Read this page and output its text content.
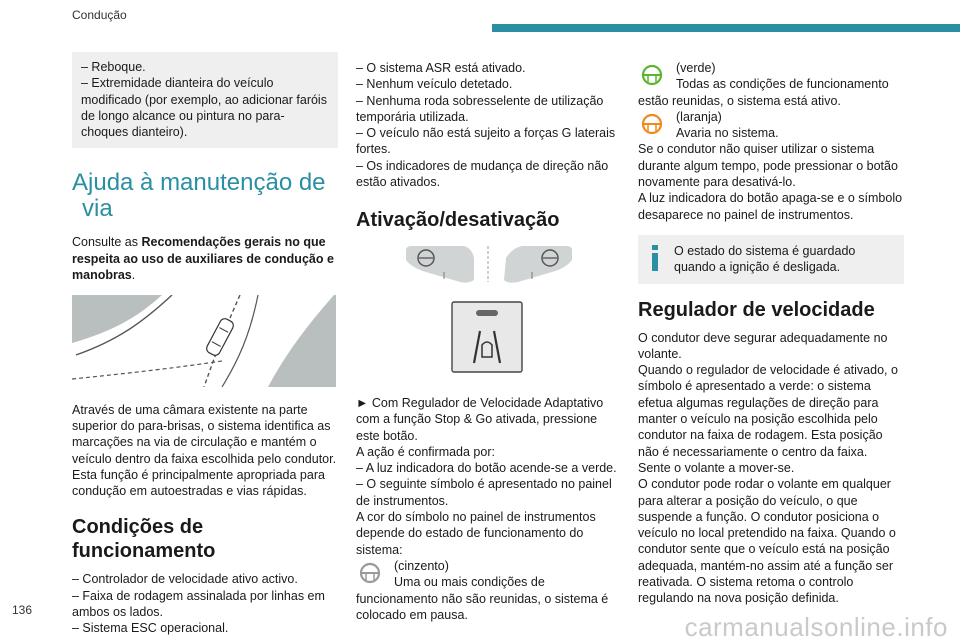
Condução

– Reboque.

– Extremidade dianteira do veículo modificado (por exemplo, ao adicionar faróis de longo alcance ou pintura no para-choques dianteiro).

Ajuda à manutenção de
via

Consulte as Recomendações gerais no que respeita ao uso de auxiliares de condução e manobras.

Através de uma câmara existente na parte superior do para-brisas, o sistema identifica as marcações na via de circulação e mantém o veículo dentro da faixa escolhida pelo condutor. Esta função é principalmente apropriada para condução em autoestradas e vias rápidas.

Condições de funcionamento

– Controlador de velocidade ativo activo.

– Faixa de rodagem assinalada por linhas em ambos os lados.

– Sistema ESC operacional.

– O sistema ASR está ativado.

– Nenhum veículo detetado.

– Nenhuma roda sobresselente de utilização temporária utilizada.

– O veículo não está sujeito a forças G laterais fortes.

– Os indicadores de mudança de direção não estão ativados.

Ativação/desativação

► Com Regulador de Velocidade Adaptativo com a função Stop & Go ativada, pressione este botão.

A ação é confirmada por:

– A luz indicadora do botão acende-se a verde.

– O seguinte símbolo é apresentado no painel de instrumentos.

A cor do símbolo no painel de instrumentos depende do estado de funcionamento do sistema:

(cinzento)

Uma ou mais condições de

funcionamento não são reunidas, o sistema é colocado em pausa.

(verde)

Todas as condições de funcionamento

estão reunidas, o sistema está ativo.

(laranja)

Avaria no sistema.

Se o condutor não quiser utilizar o sistema durante algum tempo, pode pressionar o botão novamente para desativá-lo.

A luz indicadora do botão apaga-se e o símbolo desaparece no painel de instrumentos.

O estado do sistema é guardado quando a ignição é desligada.

Regulador de velocidade

O condutor deve segurar adequadamente no volante.

Quando o regulador de velocidade é ativado, o símbolo é apresentado a verde: o sistema efetua algumas regulações de direção para manter o veículo na posição escolhida pelo condutor na faixa de rodagem. Esta posição não é necessariamente o centro da faixa.

Sente o volante a mover-se.

O condutor pode rodar o volante em qualquer para alterar a posição do veículo, o que suspende a função. O condutor posiciona o veículo no local pretendido na faixa. Quando o condutor sente que o veículo está na posição adequada, mantém-no assim até a função ser reativada. O sistema retoma o controlo regulando na nova posição definida.

136
carmanualsonline.info
